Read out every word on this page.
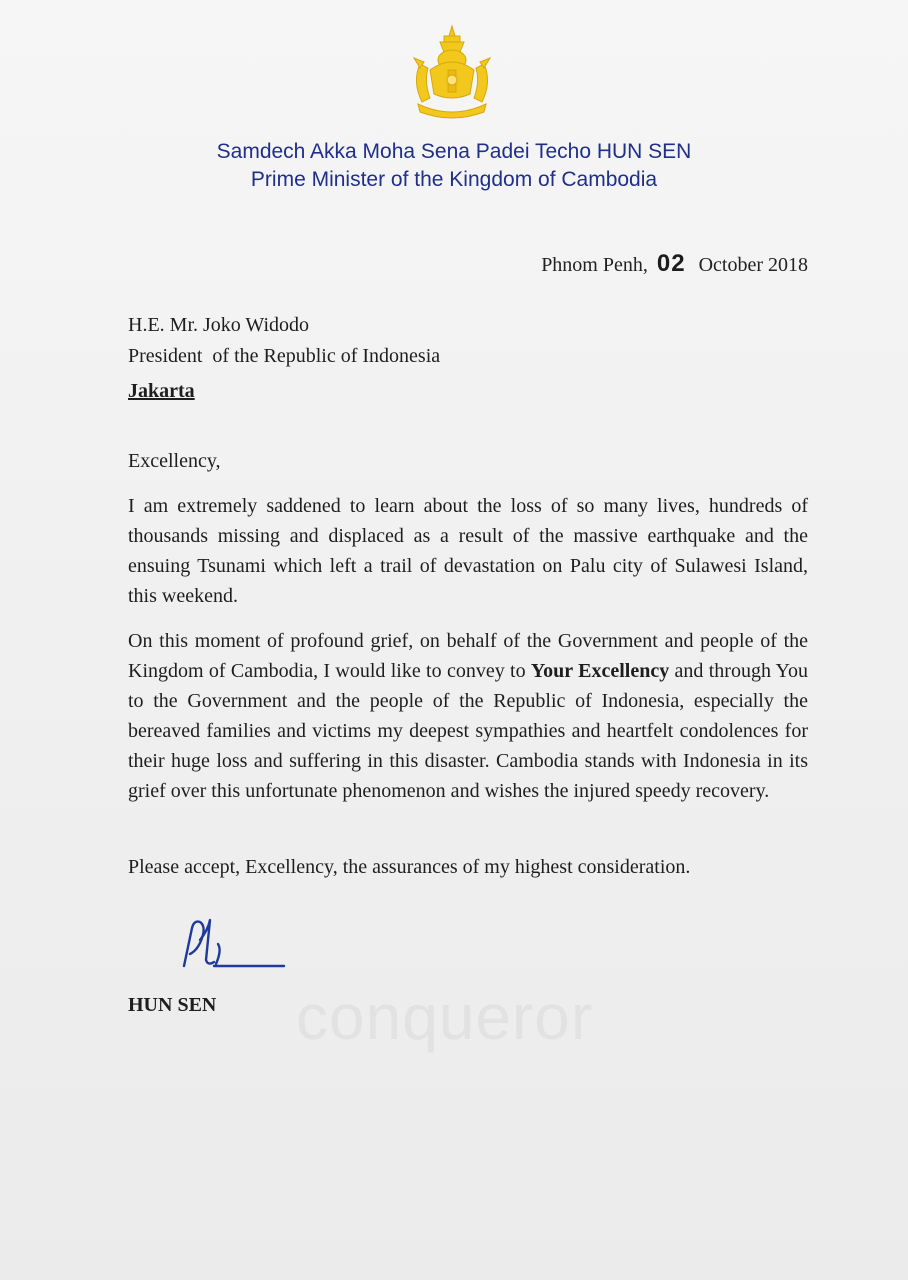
Samdech Akka Moha Sena Padei Techo HUN SEN
Prime Minister of the Kingdom of Cambodia
Phnom Penh, 02 October 2018
H.E. Mr. Joko Widodo
President  of the Republic of Indonesia
Jakarta
Excellency,

I am extremely saddened to learn about the loss of so many lives, hundreds of thousands missing and displaced as a result of the massive earthquake and the ensuing Tsunami which left a trail of devastation on Palu city of Sulawesi Island, this weekend.

On this moment of profound grief, on behalf of the Government and people of the Kingdom of Cambodia, I would like to convey to Your Excellency and through You to the Government and the people of the Republic of Indonesia, especially the bereaved families and victims my deepest sympathies and heartfelt condolences for their huge loss and suffering in this disaster. Cambodia stands with Indonesia in its grief over this unfortunate phenomenon and wishes the injured speedy recovery.

Please accept, Excellency, the assurances of my highest consideration.

HUN SEN conqueror
